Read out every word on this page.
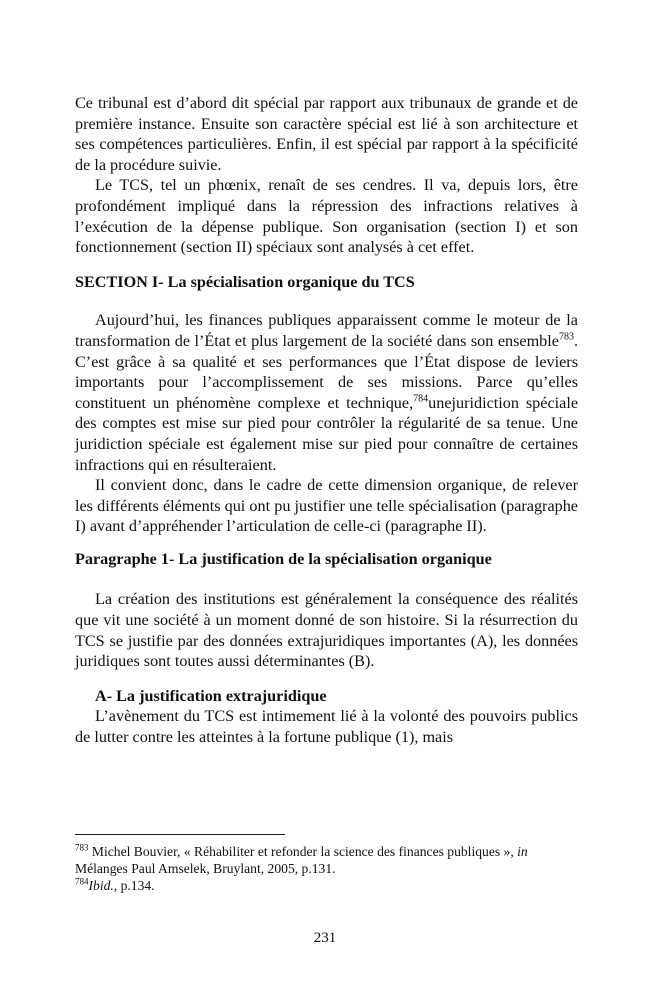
Ce tribunal est d’abord dit spécial par rapport aux tribunaux de grande et de première instance. Ensuite son caractère spécial est lié à son architecture et ses compétences particulières. Enfin, il est spécial par rapport à la spécificité de la procédure suivie.

Le TCS, tel un phœnix, renaît de ses cendres. Il va, depuis lors, être profondément impliqué dans la répression des infractions relatives à l’exécution de la dépense publique. Son organisation (section I) et son fonctionnement (section II) spéciaux sont analysés à cet effet.

SECTION I- La spécialisation organique du TCS

Aujourd’hui, les finances publiques apparaissent comme le moteur de la transformation de l’État et plus largement de la société dans son ensemble$^{783}$. C’est grâce à sa qualité et ses performances que l’État dispose de leviers importants pour l’accomplissement de ses missions. Parce qu’elles constituent un phénomène complexe et technique,$^{784}$unejuridiction spéciale des comptes est mise sur pied pour contrôler la régularité de sa tenue. Une juridiction spéciale est également mise sur pied pour connaître de certaines infractions qui en résulteraient.

Il convient donc, dans le cadre de cette dimension organique, de relever les différents éléments qui ont pu justifier une telle spécialisation (paragraphe I) avant d’appréhender l’articulation de celle-ci (paragraphe II).

Paragraphe 1- La justification de la spécialisation organique

La création des institutions est généralement la conséquence des réalités que vit une société à un moment donné de son histoire. Si la résurrection du TCS se justifie par des données extrajuridiques importantes (A), les données juridiques sont toutes aussi déterminantes (B).

A- La justification extrajuridique

L’avènement du TCS est intimement lié à la volonté des pouvoirs publics de lutter contre les atteintes à la fortune publique (1), mais

$^{783}$ Michel Bouvier, « Réhabiliter et refonder la science des finances publiques », in Mélanges Paul Amselek, Bruylant, 2005, p.131.

$^{784}$Ibid., p.134.

231
